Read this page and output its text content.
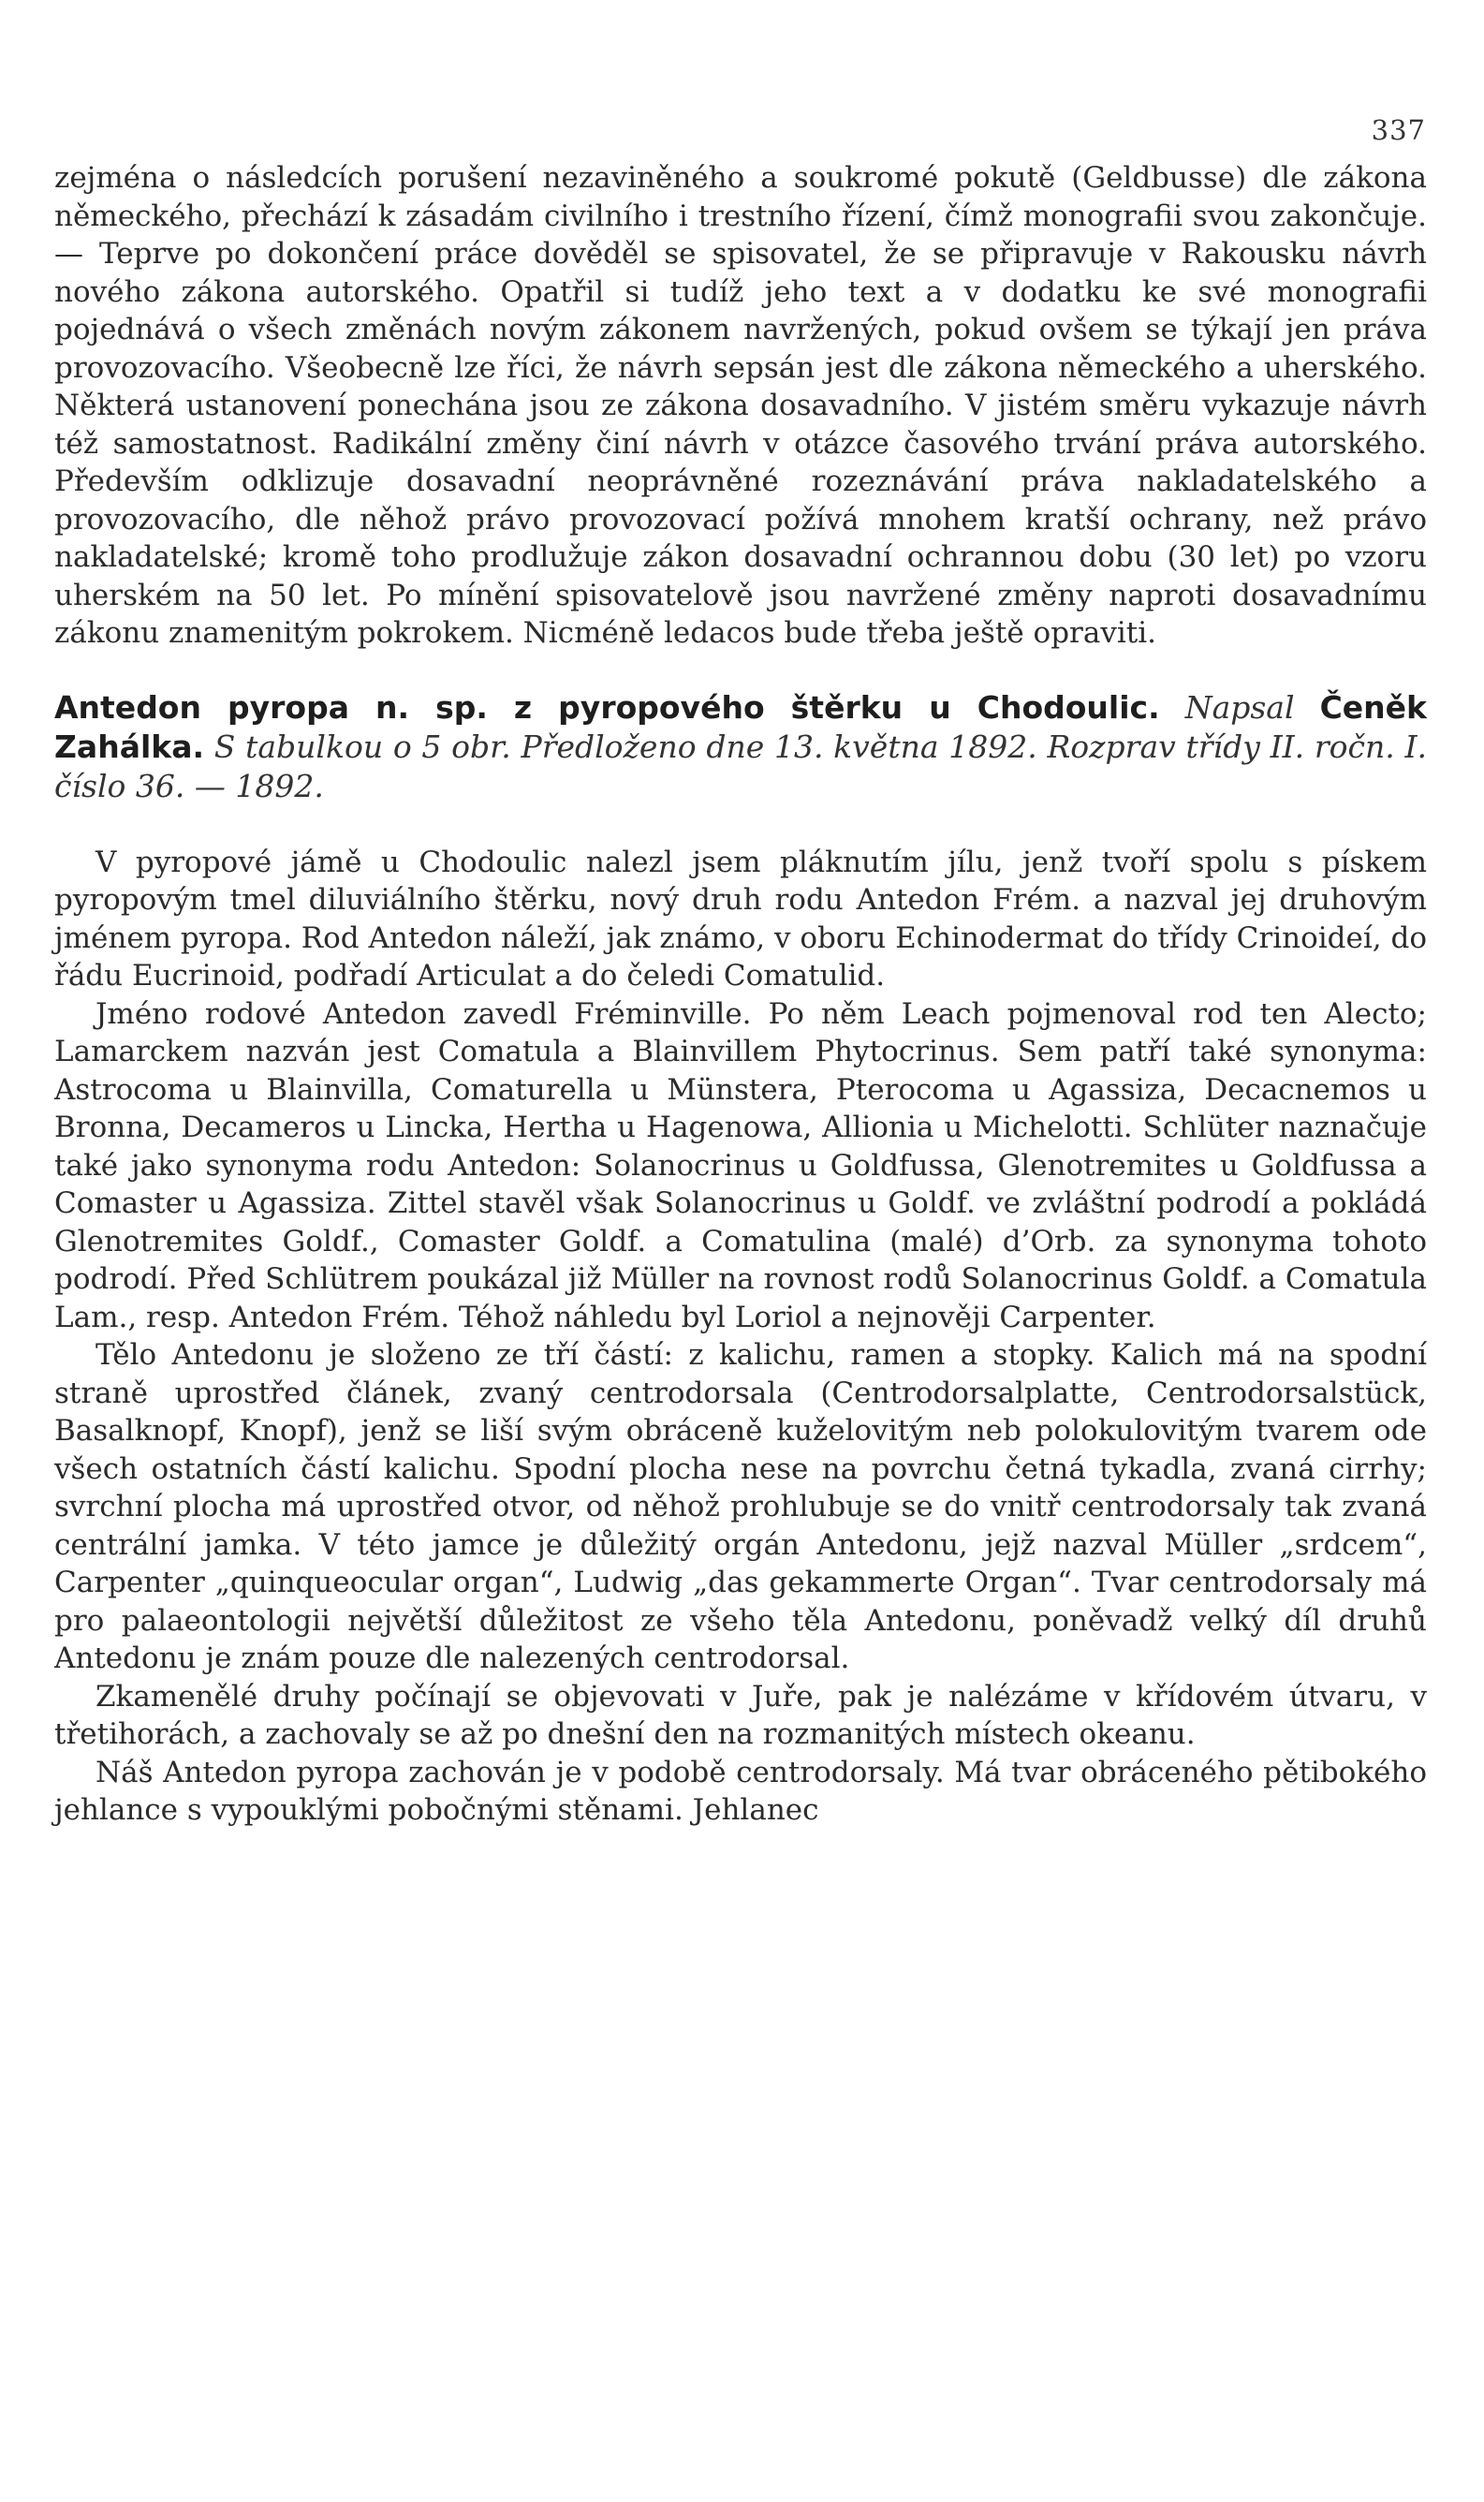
337

zejména o následcích porušení nezaviněného a soukromé pokutě (Geldbusse) dle zákona německého, přechází k zásadám civilního i trestního řízení, čímž monografii svou zakončuje. — Teprve po dokončení práce dověděl se spisovatel, že se připravuje v Rakousku návrh nového zákona autorského. Opatřil si tudíž jeho text a v dodatku ke své monografii pojednává o všech změnách novým zákonem navržených, pokud ovšem se týkají jen práva provozovacího. Všeobecně lze říci, že návrh sepsán jest dle zákona německého a uherského. Některá ustanovení ponechána jsou ze zákona dosavadního. V jistém směru vykazuje návrh též samostatnost. Radikální změny činí návrh v otázce časového trvání práva autorského. Především odklizuje dosavadní neoprávněné rozeznávání práva nakladatelského a provozovacího, dle něhož právo provozovací požívá mnohem kratší ochrany, než právo nakladatelské; kromě toho prodlužuje zákon dosavadní ochrannou dobu (30 let) po vzoru uherském na 50 let. Po mínění spisovatelově jsou navržené změny naproti dosavadnímu zákonu znamenitým pokrokem. Nicméně ledacos bude třeba ještě opraviti.

Antedon pyropa n. sp. z pyropového štěrku u Chodoulic. Napsal Čeněk Zahálka. S tabulkou o 5 obr. Předloženo dne 13. května 1892. Rozprav třídy II. ročn. I. číslo 36. — 1892.

V pyropové jámě u Chodoulic nalezl jsem pláknutím jílu, jenž tvoří spolu s pískem pyropovým tmel diluviálního štěrku, nový druh rodu Antedon Frém. a nazval jej druhovým jménem pyropa. Rod Antedon náleží, jak známo, v oboru Echinodermat do třídy Crinoideí, do řádu Eucrinoid, podřadí Articulat a do čeledi Comatulid.

Jméno rodové Antedon zavedl Fréminville. Po něm Leach pojmenoval rod ten Alecto; Lamarckem nazván jest Comatula a Blainvillem Phytocrinus. Sem patří také synonyma: Astrocoma u Blainvilla, Comaturella u Münstera, Pterocoma u Agassiza, Decacnemos u Bronna, Decameros u Lincka, Hertha u Hagenowa, Allionia u Michelotti. Schlüter naznačuje také jako synonyma rodu Antedon: Solanocrinus u Goldfussa, Glenotremites u Goldfussa a Comaster u Agassiza. Zittel stavěl však Solanocrinus u Goldf. ve zvláštní podrodí a pokládá Glenotremites Goldf., Comaster Goldf. a Comatulina (malé) d’Orb. za synonyma tohoto podrodí. Před Schlütrem poukázal již Müller na rovnost rodů Solanocrinus Goldf. a Comatula Lam., resp. Antedon Frém. Téhož náhledu byl Loriol a nejnověji Carpenter.

Tělo Antedonu je složeno ze tří částí: z kalichu, ramen a stopky. Kalich má na spodní straně uprostřed článek, zvaný centrodorsala (Centrodorsalplatte, Centrodorsalstück, Basalknopf, Knopf), jenž se liší svým obráceně kuželovitým neb polokulovitým tvarem ode všech ostatních částí kalichu. Spodní plocha nese na povrchu četná tykadla, zvaná cirrhy; svrchní plocha má uprostřed otvor, od něhož prohlubuje se do vnitř centrodorsaly tak zvaná centrální jamka. V této jamce je důležitý orgán Antedonu, jejž nazval Müller „srdcem“, Carpenter „quinqueocular organ“, Ludwig „das gekammerte Organ“. Tvar centrodorsaly má pro palaeontologii největší důležitost ze všeho těla Antedonu, poněvadž velký díl druhů Antedonu je znám pouze dle nalezených centrodorsal.

Zkamenělé druhy počínají se objevovati v Juře, pak je nalézáme v křídovém útvaru, v třetihorách, a zachovaly se až po dnešní den na rozmanitých místech okeanu.

Náš Antedon pyropa zachován je v podobě centrodorsaly. Má tvar obráceného pětibokého jehlance s vypouklými pobočnými stěnami. Jehlanec
